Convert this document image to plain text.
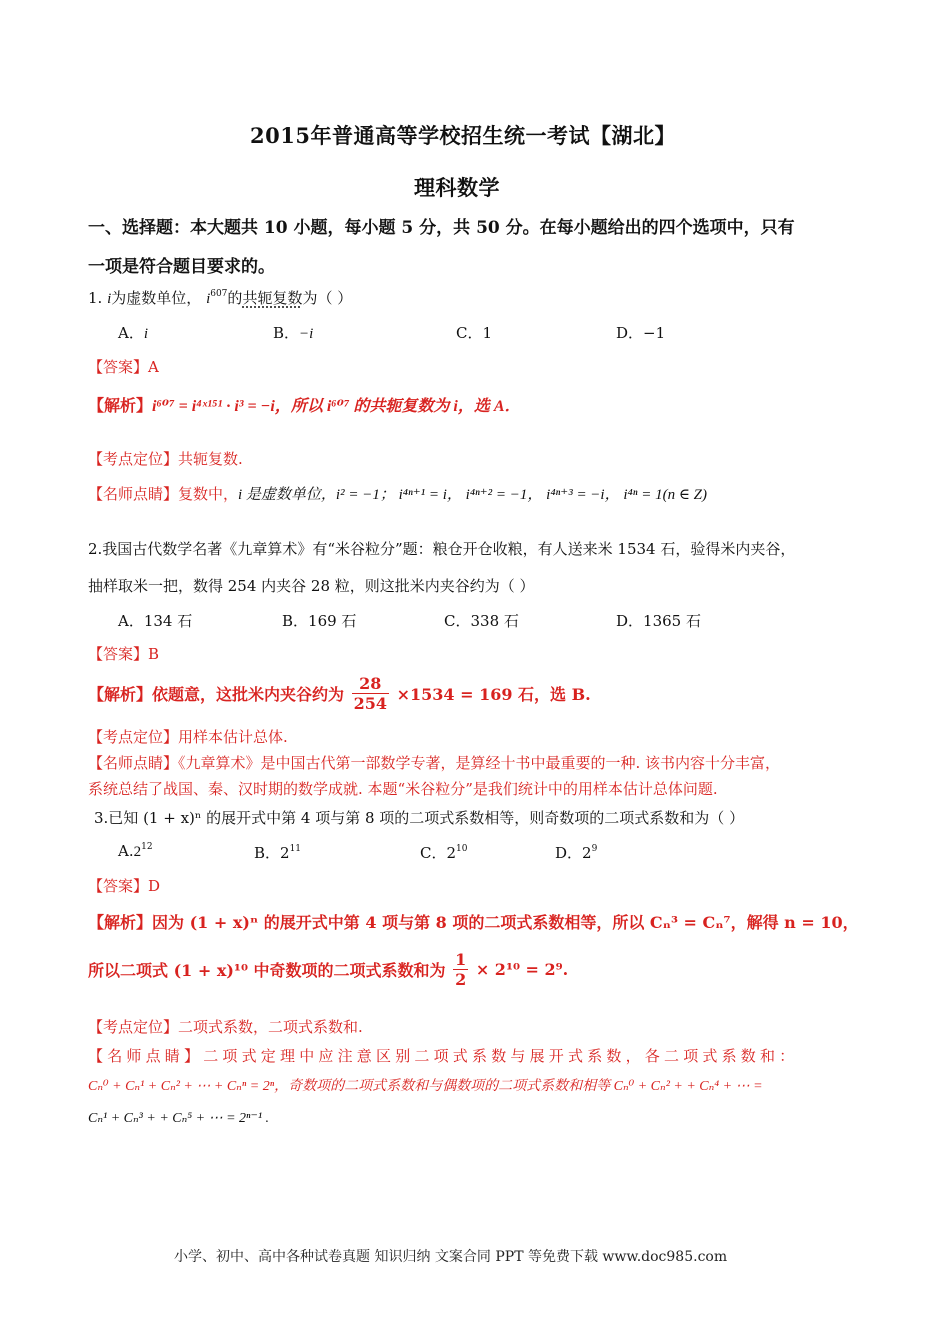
2015年普通高等学校招生统一考试【湖北】
理科数学
一、选择题：本大题共 10 小题，每小题 5 分，共 50 分。在每小题给出的四个选项中，只有
一项是符合题目要求的。
1. i为虚数单位， $i^{607}$的共轭复数为（ ）
A．i	B．−i	C．1	D．−1
【答案】A
【解析】i⁶⁰⁷ = i⁴ˣ¹⁵¹ · i³ = −i，所以 i⁶⁰⁷ 的共轭复数为 i，选 A．
【考点定位】共轭复数.
【名师点睛】复数中，i 是虚数单位，i² = −1； i⁴ⁿ⁺¹ = i， i⁴ⁿ⁺² = −1， i⁴ⁿ⁺³ = −i， i⁴ⁿ = 1(n ∈ Z)
2.我国古代数学名著《九章算术》有“米谷粒分”题：粮仓开仓收粮，有人送来米 1534 石，验得米内夹谷，
抽样取米一把，数得 254 内夹谷 28 粒，则这批米内夹谷约为（ ）
A．134 石	B．169 石	C．338 石	D．1365 石
【答案】B
【解析】依题意，这批米内夹谷约为 $\frac{28}{254} \times 1534 = 169$ 石，选 B.
【考点定位】用样本估计总体.
【名师点睛】《九章算术》是中国古代第一部数学专著，是算经十书中最重要的一种. 该书内容十分丰富，
系统总结了战国、秦、汉时期的数学成就. 本题“米谷粒分”是我们统计中的用样本估计总体问题.
3.已知 (1 + x)ⁿ 的展开式中第 4 项与第 8 项的二项式系数相等，则奇数项的二项式系数和为（ ）
$A.2^{12}$	B．$2^{11}$	C．$2^{10}$	D．$2^9$
【答案】D
【解析】因为 (1 + x)ⁿ 的展开式中第 4 项与第 8 项的二项式系数相等，所以 Cₙ³ = Cₙ⁷，解得 n = 10，
所以二项式 (1 + x)¹⁰ 中奇数项的二项式系数和为 $\frac{1}{2} \times 2^{10} = 2^9$.
【考点定位】二项式系数，二项式系数和.
【名师点睛】二项式定理中应注意区别二项式系数与展开式系数，各二项式系数和：
Cₙ⁰ + Cₙ¹ + Cₙ² + ⋯ + Cₙⁿ = 2ⁿ，奇数项的二项式系数和与偶数项的二项式系数和相等 Cₙ⁰ + Cₙ² + + Cₙ⁴ + ⋯ =
Cₙ¹ + Cₙ³ + + Cₙ⁵ + ⋯ = 2ⁿ⁻¹ .
小学、初中、高中各种试卷真题 知识归纳 文案合同 PPT 等免费下载 www.doc985.com
